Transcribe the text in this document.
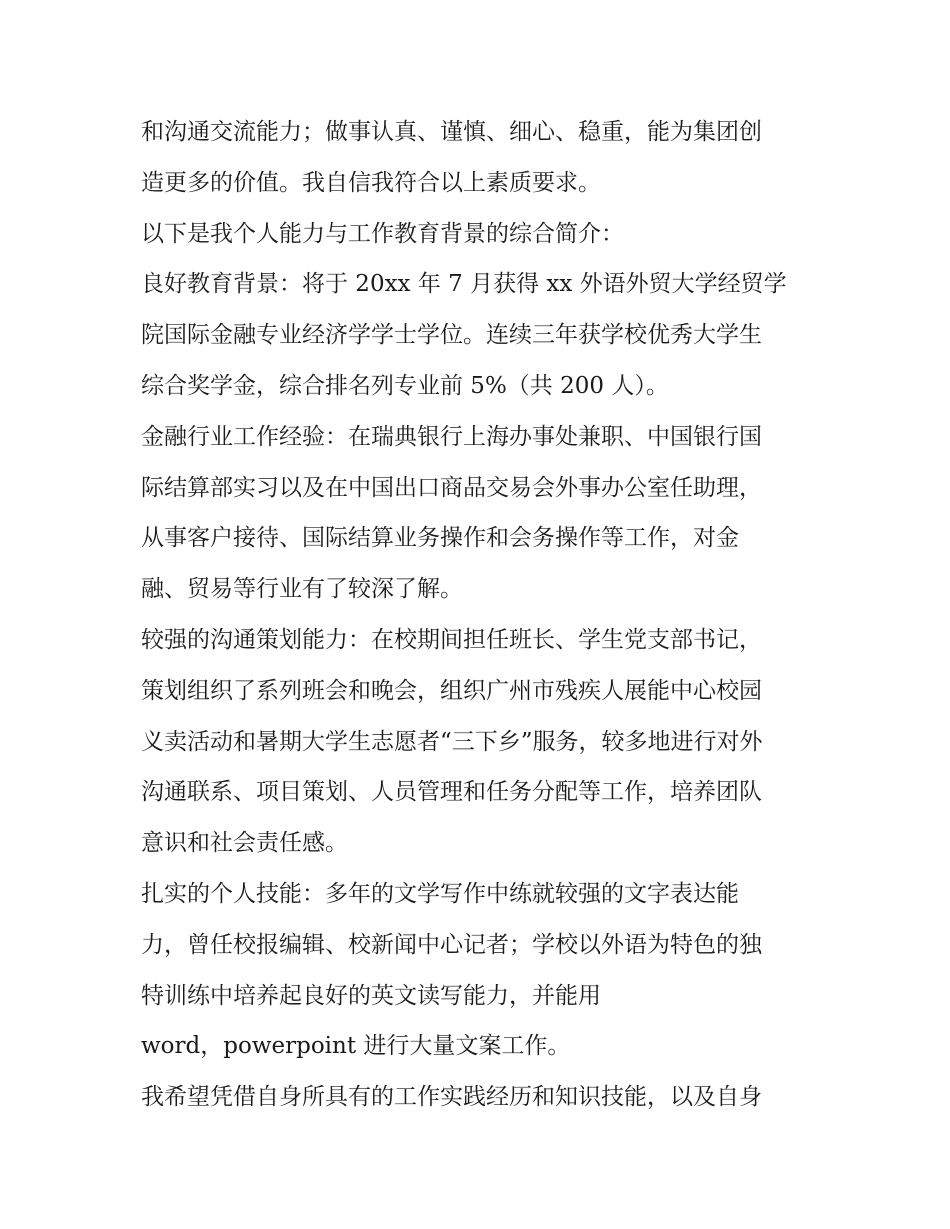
和沟通交流能力；做事认真、谨慎、细心、稳重，能为集团创
造更多的价值。我自信我符合以上素质要求。
以下是我个人能力与工作教育背景的综合简介：
良好教育背景：将于 20xx 年 7 月获得 xx 外语外贸大学经贸学
院国际金融专业经济学学士学位。连续三年获学校优秀大学生
综合奖学金，综合排名列专业前 5%（共 200 人）。
金融行业工作经验：在瑞典银行上海办事处兼职、中国银行国
际结算部实习以及在中国出口商品交易会外事办公室任助理，
从事客户接待、国际结算业务操作和会务操作等工作，对金
融、贸易等行业有了较深了解。
较强的沟通策划能力：在校期间担任班长、学生党支部书记，
策划组织了系列班会和晚会，组织广州市残疾人展能中心校园
义卖活动和暑期大学生志愿者“三下乡”服务，较多地进行对外
沟通联系、项目策划、人员管理和任务分配等工作，培养团队
意识和社会责任感。
扎实的个人技能：多年的文学写作中练就较强的文字表达能
力，曾任校报编辑、校新闻中心记者；学校以外语为特色的独
特训练中培养起良好的英文读写能力，并能用
word，powerpoint 进行大量文案工作。
我希望凭借自身所具有的工作实践经历和知识技能，以及自身
